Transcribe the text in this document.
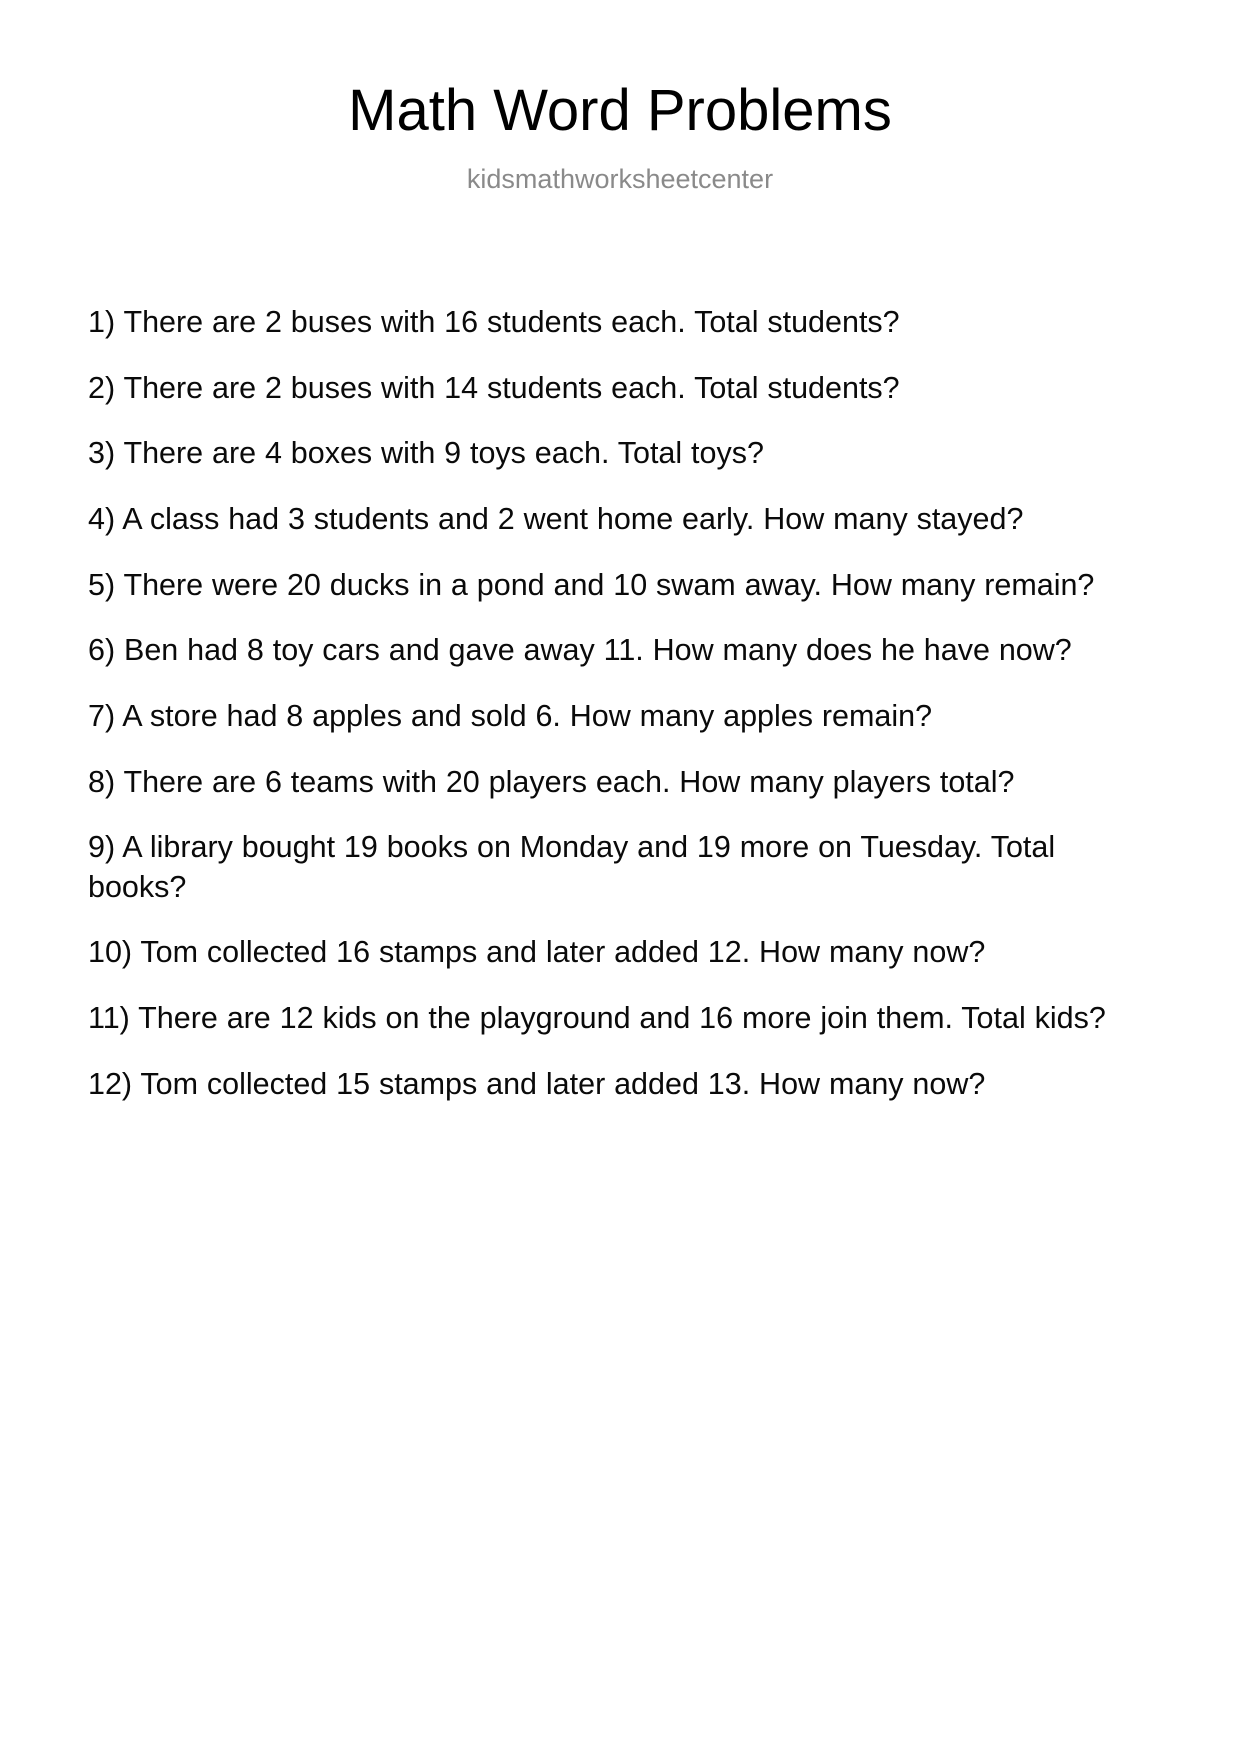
Math Word Problems
kidsmathworksheetcenter

1) There are 2 buses with 16 students each. Total students?

2) There are 2 buses with 14 students each. Total students?

3) There are 4 boxes with 9 toys each. Total toys?

4) A class had 3 students and 2 went home early. How many stayed?

5) There were 20 ducks in a pond and 10 swam away. How many remain?

6) Ben had 8 toy cars and gave away 11. How many does he have now?

7) A store had 8 apples and sold 6. How many apples remain?

8) There are 6 teams with 20 players each. How many players total?

9) A library bought 19 books on Monday and 19 more on Tuesday. Total books?

10) Tom collected 16 stamps and later added 12. How many now?

11) There are 12 kids on the playground and 16 more join them. Total kids?

12) Tom collected 15 stamps and later added 13. How many now?
